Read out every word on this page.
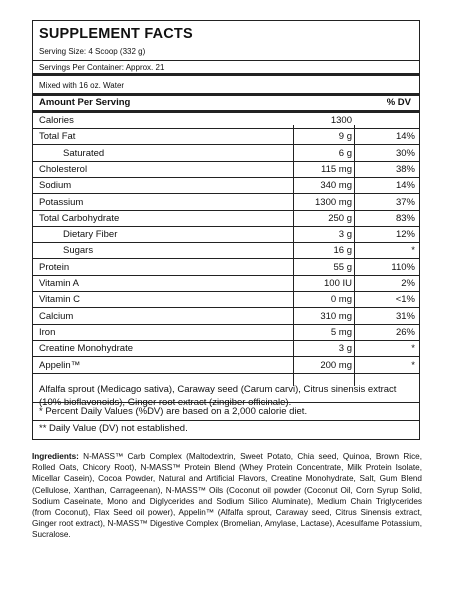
SUPPLEMENT FACTS
Serving Size: 4 Scoop (332 g)
Servings Per Container: Approx. 21
Mixed with 16 oz. Water
Amount Per Serving	% DV
Calories	1300
Total Fat	9 g	14%
Saturated	6 g	30%
Cholesterol	115 mg	38%
Sodium	340 mg	14%
Potassium	1300 mg	37%
Total Carbohydrate	250 g	83%
Dietary Fiber	3 g	12%
Sugars	16 g	*
Protein	55 g	110%
Vitamin A	100 IU	2%
Vitamin C	0 mg	<1%
Calcium	310 mg	31%
Iron	5 mg	26%
Creatine Monohydrate	3 g	*
Appelin™	200 mg	*
Alfalfa sprout (Medicago sativa), Caraway seed (Carum carvi), Citrus sinensis extract (10% bioflavonoids), Ginger root extract (zingiber officinale).
* Percent Daily Values (%DV) are based on a 2,000 calorie diet.
** Daily Value (DV) not established.
Ingredients: N-MASS™ Carb Complex (Maltodextrin, Sweet Potato, Chia seed, Quinoa, Brown Rice, Rolled Oats, Chicory Root), N-MASS™ Protein Blend (Whey Protein Concentrate, Milk Protein Isolate, Micellar Casein), Cocoa Powder, Natural and Artificial Flavors, Creatine Monohydrate, Salt, Gum Blend (Cellulose, Xanthan, Carrageenan), N-MASS™ Oils (Coconut oil powder (Coconut Oil, Corn Syrup Solid, Sodium Caseinate, Mono and Diglycerides and Sodium Silico Aluminate), Medium Chain Triglycerides (from Coconut), Flax Seed oil power), Appelin™ (Alfalfa sprout, Caraway seed, Citrus Sinensis extract, Ginger root extract), N-MASS™ Digestive Complex (Bromelian, Amylase, Lactase), Acesulfame Potassium, Sucralose.
